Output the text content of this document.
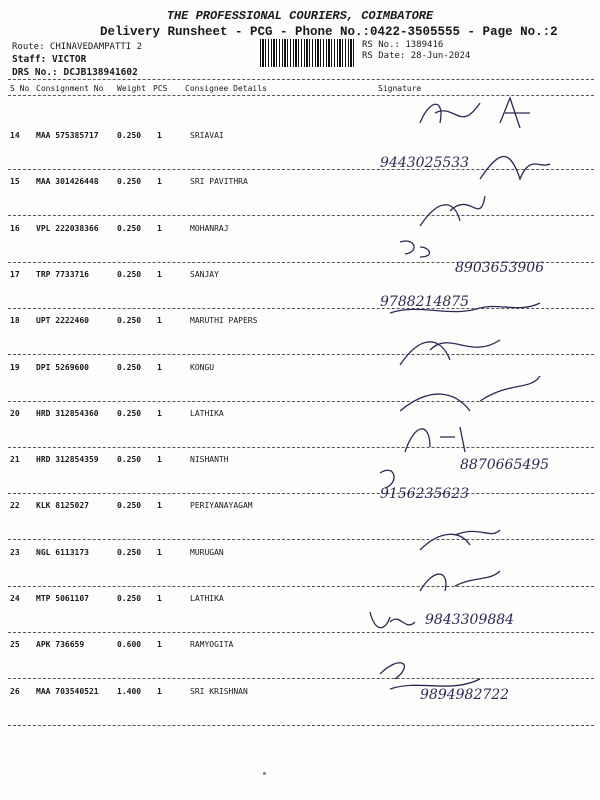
THE PROFESSIONAL COURIERS, COIMBATORE
Delivery Runsheet - PCG - Phone No.:0422-3505555 - Page No.:2
Route: CHINAVEDAMPATTI 2
Staff: VICTOR
DRS No.: DCJB138941602
RS No.: 1389416
RS Date: 28-Jun-2024
S No Consignment No Weight PCS Consignee Details	Signature
14 MAA 575385717 0.250 1	SRIAVAI
15 MAA 301426448 0.250 1	SRI PAVITHRA
9443025533
16 VPL 222038366 0.250 1	MOHANRAJ
17 TRP 7733716	0.250 1	SANJAY	8903653906
18 UPT 2222460	0.250 1	MARUTHI PAPERS
9788214875
19 DPI 5269600	0.250 1	KONGU
20 HRD 312854360 0.250 1	LATHIKA
21 HRD 312854359 0.250 1	NISHANTH	8870665495
22 KLK 8125027	0.250 1	PERIYANAYAGAM
9156235623
23 NGL 6113173	0.250 1	MURUGAN
24 MTP 5061107	0.250 1	LATHIKA
25 APK 736659	0.600 1	RAMYOGITA
9843309884
26 MAA 703540521 1.400 1	SRI KRISHNAN	9894982722
